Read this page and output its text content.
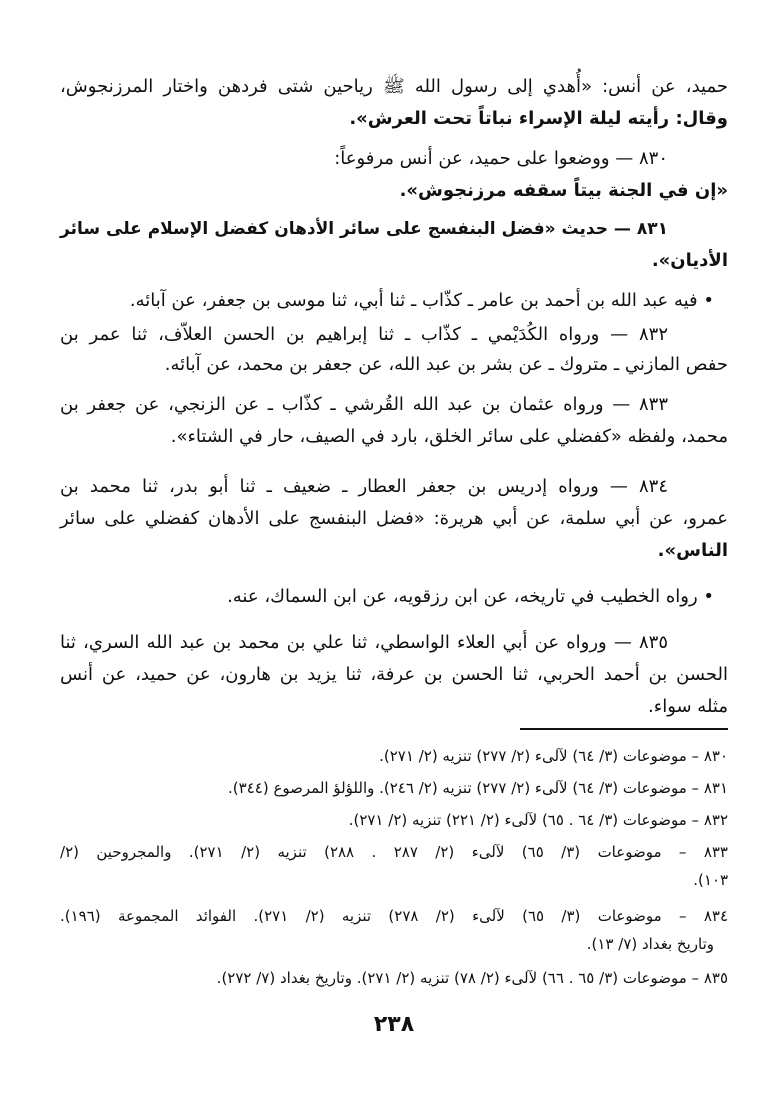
حميد، عن أنس: «أُهدي إلى رسول الله ﷺ رياحين شتى فردهن واختار المرزنجوش،
وقال: رأيته ليلة الإسراء نباتاً تحت العرش».
٨٣٠ — ووضعوا على حميد، عن أنس مرفوعاً:
«إن في الجنة بيتاً سقفه مرزنجوش».
٨٣١ — حديث «فضل البنفسج على سائر الأدهان كفضل الإسلام على سائر
الأديان».
• فيه عبد الله بن أحمد بن عامر ـ كذّاب ـ ثنا أبي، ثنا موسى بن جعفر، عن آبائه.
٨٣٢ — ورواه الكُدَيْمي ـ كذّاب ـ ثنا إبراهيم بن الحسن العلاّف، ثنا عمر بن
حفص المازني ـ متروك ـ عن بشر بن عبد الله، عن جعفر بن محمد، عن آبائه.
٨٣٣ — ورواه عثمان بن عبد الله القُرشي ـ كذّاب ـ عن الزنجي، عن جعفر بن
محمد، ولفظه «كفضلي على سائر الخلق، بارد في الصيف، حار في الشتاء».
٨٣٤ — ورواه إدريس بن جعفر العطار ـ ضعيف ـ ثنا أبو بدر، ثنا محمد بن
عمرو، عن أبي سلمة، عن أبي هريرة: «فضل البنفسج على الأدهان كفضلي على سائر
الناس».
• رواه الخطيب في تاريخه، عن ابن رزقويه، عن ابن السماك، عنه.
٨٣٥ — ورواه عن أبي العلاء الواسطي، ثنا علي بن محمد بن عبد الله السري، ثنا
الحسن بن أحمد الحربي، ثنا الحسن بن عرفة، ثنا يزيد بن هارون، عن حميد، عن أنس
مثله سواء.
٨٣٠ – موضوعات (٣/ ٦٤) لآلىء (٢/ ٢٧٧) تنزيه (٢/ ٢٧١).
٨٣١ – موضوعات (٣/ ٦٤) لآلىء (٢/ ٢٧٧) تنزيه (٢/ ٢٤٦). واللؤلؤ المرصوع (٣٤٤).
٨٣٢ – موضوعات (٣/ ٦٤ . ٦٥) لآلىء (٢/ ٢٢١) تنزيه (٢/ ٢٧١).
٨٣٣ – موضوعات (٣/ ٦٥) لآلىء (٢/ ٢٨٧ . ٢٨٨) تنزيه (٢/ ٢٧١). والمجروحين (٢/
١٠٣).
٨٣٤ – موضوعات (٣/ ٦٥) لآلىء (٢/ ٢٧٨) تنزيه (٢/ ٢٧١). الفوائد المجموعة (١٩٦).
وتاريخ بغداد (٧/ ١٣).
٨٣٥ – موضوعات (٣/ ٦٥ . ٦٦) لآلىء (٢/ ٧٨) تنزيه (٢/ ٢٧١). وتاريخ بغداد (٧/ ٢٧٢).
٢٣٨
